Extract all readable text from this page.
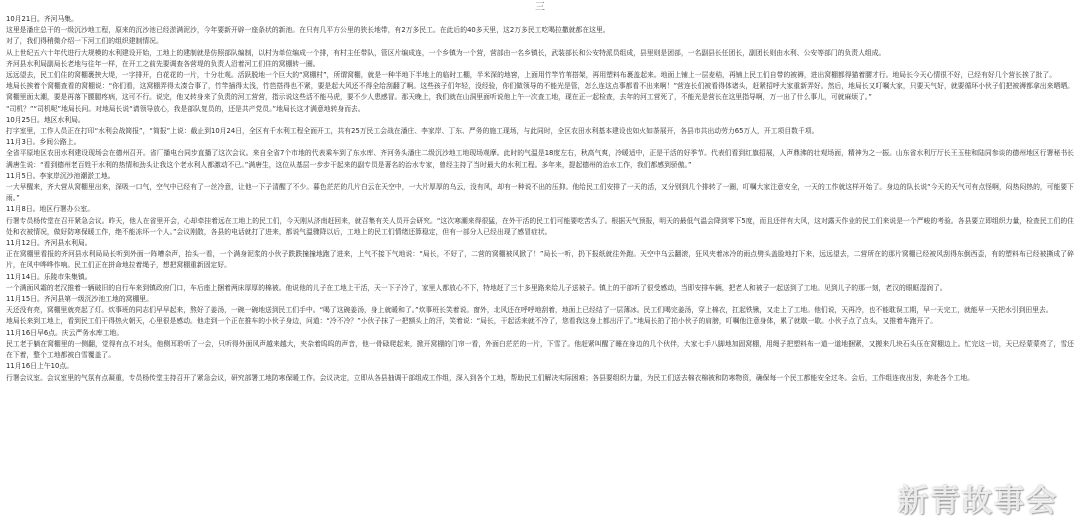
三

10月21日。齐河马集。

这里是潘庄总干的一级沉沙地工程，原来的沉沙池已经淤满泥沙，今年要新开辟一座条状的新池。在只有几平方公里的狭长地带，有2万多民工。在此后的40多天里，这2万多民工吃喝拉撒就都在这里。

对了，我们得稍微介绍一下河工们的组织建制情况。

从上世纪五六十年代进行大规模的水利建设开始，工地上的建制就是仿照部队编制，以村为单位编成一个排，有村主任带队，管区片编成连，一个乡镇为一个营，营部由一名乡镇长，武装部长和公安特派员组成，县里则是团部，一名副县长任团长，副团长则由水利、公安等部门的负责人组成。

齐河县水利局副局长老地与往年一样，在开工之前先要调查各营堤的负责人沿着河工们住的窝棚转一圈。

远远望去，民工们住的窝棚裹挟大堤，一字排开，白花花的一片，十分壮观。活跃脱地一个巨大的“窝棚村”，所谓窝棚，就是一种半地下半地上的临时工棚，半米深的地窖，上面用竹竿竹苇搭架，再用塑料布裹盖起来。地面上铺上一层麦秸，再铺上民工们自带的被褥，进出窝棚都得猫着腰才行。地局长今天心情很不好，已经有好几个营长挨了批了。

地局长挨着个窝棚查看的窝棚说：“你们看，这窝棚弄得太凑合事了，竹竿插得太浅，竹笆搭得也不紧，要是起大风还不得全给刮翻了啊。这些孩子们年轻，没经验，你们做领导的不能光是管，怎么连这点事都看不出来啊！”营连长们被看得体诸头，赶紧招呼大家重新弄好。然后，地局长又叮嘱大家，只要天气好，就要循环小伙子们把被褥都拿出来晒晒。窝棚里面太潮，要是再落下腰腿疼病，这可不行。说完，他又转身来了负责的河工营营，指示说这些活不能马虎，要不少人患感冒。那天晚上，我们就在山洞里面听说他上午一次查工地，现在正一起检查，去年的河工营死了，不能光是营长在这里指导啊，万一出了什么事儿，可就麻烦了。”

“司机？”“司机呢”地局长问。对地局长说“请领导放心，我是部队复员的，还是共产党员。”地局长这才满意地转身而去。

10月25日。地区水利局。

打字室里，工作人员正在打印“水利会战简报”，“简报”上说：截止到10月24日，全区有千水利工程全面开工，共有25万民工会战在潘庄、李家岸、丁东、严务的施工现场，与此同时，全区农田水利基本建设也如火如荼展开，各县市共出动劳力65万人，开工项目数千项。

11月3日。乡间公路上。

全省平原地区农田水利建设现场会在德州召开。省厂播电台同步直播了这次会议。来自全省7个市地的代表乘车到了东水库、齐河务头潘庄二级沉沙地工地现场观摩。此时的气温是18度左右，秋高气爽，冷暖适中，正是干活的好季节。代表们看到红旗招展，人声鼎沸的壮观场面，精神为之一振。山东省水利厅厅长王玉桂和陆同参谈的德州地区行署秘书长满唐生说：“看到德州老百姓干水利的热情和劲头让我这个老水利人都激动不已。”满唐生，这位从基层一步步干起来的副专员是著名的治水专家，曾经主持了当时最大的水利工程。多年来，提起德州的治水工作，我们都感到骄傲。”

11月5日。李家岸沉沙池潮淤工地。

一大早醒来，齐大营从窝棚里出来，深吸一口气，空气中已经有了一丝冷意，让他一下子清醒了不少。暮色茫茫的几片白云在天空中，一大片厚厚的乌云，没有风，却有一种说不出的压抑。他给民工们安排了一天的活，又分别到几个排转了一圈，叮嘱大家注意安全，一天的工作就这样开始了。身边的队长说“今天的天气可有点怪啊，闷热闷热的，可能要下雨。”

11月8日。地区行署办公室。

行署专员杨传堂在召开紧急会议。昨天，他人在省里开会，心却牵挂着远在工地上的民工们，今天刚从济南赶回来，就召集有关人员开会研究。“这次寒潮来得很猛，在外干活的民工们可能要吃苦头了。根据天气预报，明天的最低气温会降到零下5度，而且还伴有大风，这对露天作业的民工们来说是一个严峻的考验。各县要立即组织力量，检查民工们的住处和衣被情况，做好防寒保暖工作，绝不能冻坏一个人。”会议刚散，各县的电话就打了进来，都说气温骤降以后，工地上的民工们情绪还算稳定，但有一部分人已经出现了感冒症状。

11月12日。齐河县水利局。

正在窝棚里看报的齐河县水利局局长听到外面一阵嘈杂声，抬头一看，一个满身泥浆的小伙子跌跌撞撞地跑了进来，上气不接下气地说：“局长，不好了，二营的窝棚被风掀了！”局长一听，扔下报纸就往外跑。天空中乌云翻滚，狂风夹着冰冷的雨点劈头盖脸地打下来，远远望去，二营所在的那片窝棚已经被风刮得东倒西歪，有的塑料布已经被撕成了碎片，在风中哗哗作响。民工们正在拼命地拉着绳子，想把窝棚重新固定好。

11月14日。乐陵市朱集镇。

一个满面风霜的老汉推着一辆破旧的自行车来到镇政府门口，车后座上捆着两床厚厚的棉被。他说他的儿子在工地上干活，天一下子冷了，家里人都放心不下，特地赶了三十多里路来给儿子送被子。镇上的干部听了很受感动，当即安排车辆，把老人和被子一起送到了工地。见到儿子的那一刻，老汉的眼眶湿润了。

11月15日。齐河县第一级沉沙池工地的窝棚里。

天还没有亮，窝棚里就亮起了灯。炊事班的同志们早早起来，熬好了姜汤，一碗一碗地送到民工们手中。“喝了这碗姜汤，身上就暖和了。”炊事班长笑着说。窗外，北风还在呼呼地刮着，地面上已经结了一层薄冰。民工们喝完姜汤，穿上棉衣，扛起铁锹，又走上了工地。他们说，天再冷，也不能耽误工期，早一天完工，就能早一天把水引到田里去。

地局长来到工地上，看到民工们干得热火朝天，心里很是感动。他走到一个正在推车的小伙子身边，问道：“冷不冷？”小伙子抹了一把额头上的汗，笑着说：“局长，干起活来就不冷了，您看我这身上都出汗了。”地局长拍了拍小伙子的肩膀，叮嘱他注意身体，累了就歇一歇。小伙子点了点头，又推着车跑开了。

11月16日早6点。庆云严务水库工地。

民工老于躺在窝棚里的一侧翻，觉得有点不对头，他侧耳聆听了一会，只听得外面风声越来越大，夹杂着呜呜的声音，他一骨碌爬起来，掀开窝棚的门帘一看，外面白茫茫的一片，下雪了。他赶紧叫醒了睡在身边的几个伙伴，大家七手八脚地加固窝棚，用绳子把塑料布一道一道地捆紧，又搬来几块石头压在窝棚边上。忙完这一切，天已经蒙蒙亮了，雪还在下着，整个工地都被白雪覆盖了。

11月16日上午10点。

行署会议室。会议室里的气氛有点凝重，专员杨传堂主持召开了紧急会议，研究部署工地防寒保暖工作。会议决定，立即从各县抽调干部组成工作组，深入到各个工地，帮助民工们解决实际困难；各县要组织力量，为民工们送去棉衣棉被和防寒物资，确保每一个民工都能安全过冬。会后，工作组连夜出发，奔赴各个工地。

新青故事会
